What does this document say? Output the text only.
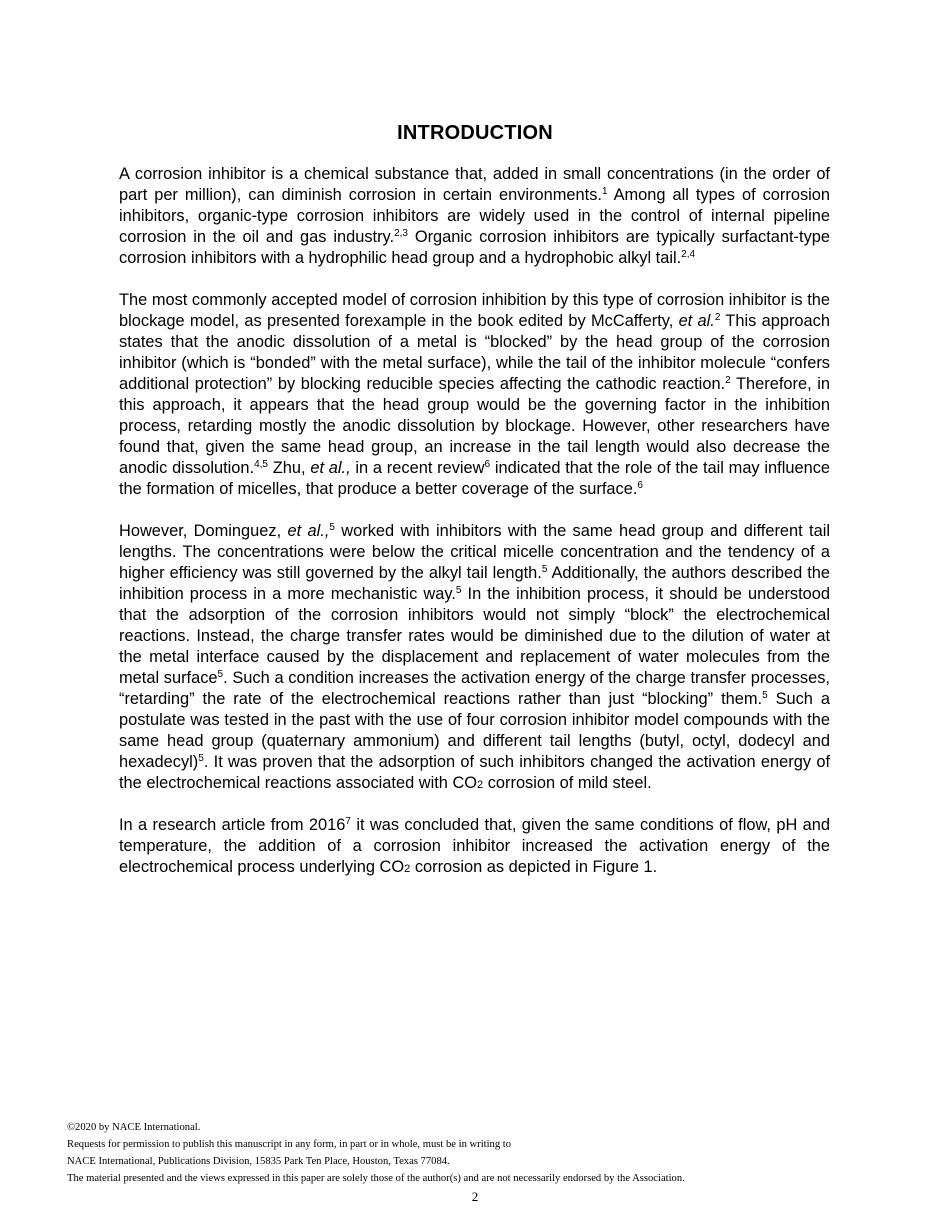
INTRODUCTION

A corrosion inhibitor is a chemical substance that, added in small concentrations (in the order of part per million), can diminish corrosion in certain environments.$^1$ Among all types of corrosion inhibitors, organic-type corrosion inhibitors are widely used in the control of internal pipeline corrosion in the oil and gas industry.$^{2,3}$ Organic corrosion inhibitors are typically surfactant-type corrosion inhibitors with a hydrophilic head group and a hydrophobic alkyl tail.$^{2,4}$

The most commonly accepted model of corrosion inhibition by this type of corrosion inhibitor is the blockage model, as presented forexample in the book edited by McCafferty, et al.$^2$ This approach states that the anodic dissolution of a metal is “blocked” by the head group of the corrosion inhibitor (which is “bonded” with the metal surface), while the tail of the inhibitor molecule “confers additional protection” by blocking reducible species affecting the cathodic reaction.$^2$ Therefore, in this approach, it appears that the head group would be the governing factor in the inhibition process, retarding mostly the anodic dissolution by blockage. However, other researchers have found that, given the same head group, an increase in the tail length would also decrease the anodic dissolution.$^{4,5}$ Zhu, et al., in a recent review$^6$ indicated that the role of the tail may influence the formation of micelles, that produce a better coverage of the surface.$^6$

However, Dominguez, et al.,$^5$ worked with inhibitors with the same head group and different tail lengths. The concentrations were below the critical micelle concentration and the tendency of a higher efficiency was still governed by the alkyl tail length.$^5$ Additionally, the authors described the inhibition process in a more mechanistic way.$^5$ In the inhibition process, it should be understood that the adsorption of the corrosion inhibitors would not simply “block” the electrochemical reactions. Instead, the charge transfer rates would be diminished due to the dilution of water at the metal interface caused by the displacement and replacement of water molecules from the metal surface$^5$. Such a condition increases the activation energy of the charge transfer processes, “retarding” the rate of the electrochemical reactions rather than just “blocking” them.$^5$ Such a postulate was tested in the past with the use of four corrosion inhibitor model compounds with the same head group (quaternary ammonium) and different tail lengths (butyl, octyl, dodecyl and hexadecyl)$^5$. It was proven that the adsorption of such inhibitors changed the activation energy of the electrochemical reactions associated with CO2 corrosion of mild steel.

In a research article from 2016$^7$ it was concluded that, given the same conditions of flow, pH and temperature, the addition of a corrosion inhibitor increased the activation energy of the electrochemical process underlying CO2 corrosion as depicted in Figure 1.

©2020 by NACE International.
Requests for permission to publish this manuscript in any form, in part or in whole, must be in writing to
NACE International, Publications Division, 15835 Park Ten Place, Houston, Texas 77084.
The material presented and the views expressed in this paper are solely those of the author(s) and are not necessarily endorsed by the Association.
2
